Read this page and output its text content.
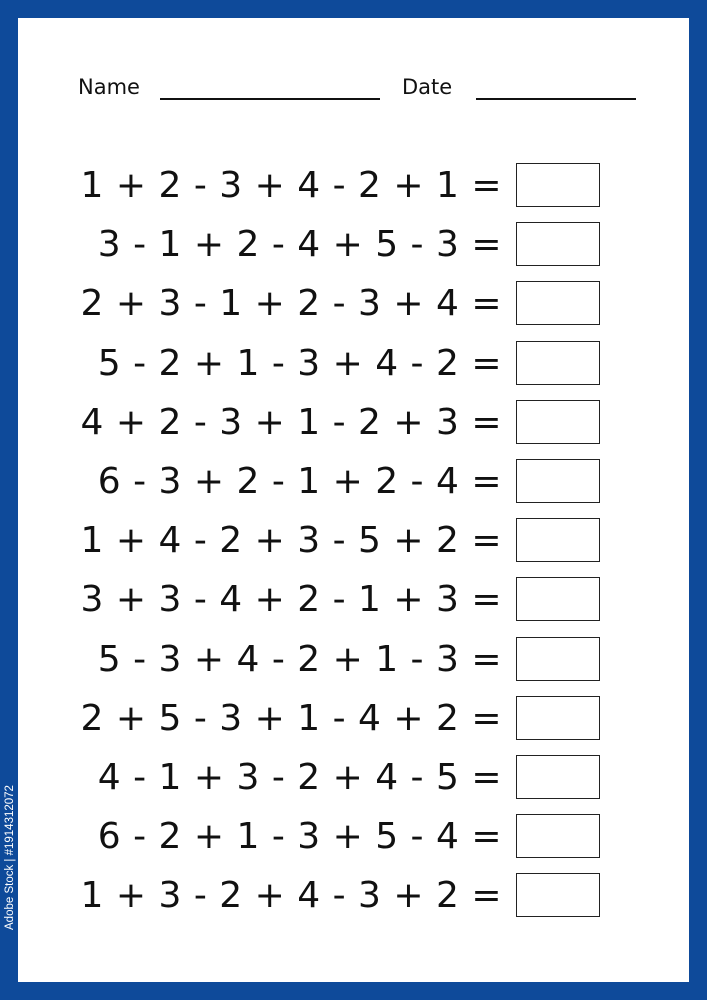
Name	Date
1 + 2 - 3 + 4 - 2 + 1 =
3 - 1 + 2 - 4 + 5 - 3 =
2 + 3 - 1 + 2 - 3 + 4 =
5 - 2 + 1 - 3 + 4 - 2 =
4 + 2 - 3 + 1 - 2 + 3 =
6 - 3 + 2 - 1 + 2 - 4 =
1 + 4 - 2 + 3 - 5 + 2 =
3 + 3 - 4 + 2 - 1 + 3 =
5 - 3 + 4 - 2 + 1 - 3 =
2 + 5 - 3 + 1 - 4 + 2 =
4 - 1 + 3 - 2 + 4 - 5 =
6 - 2 + 1 - 3 + 5 - 4 =
1 + 3 - 2 + 4 - 3 + 2 =
Adobe Stock | #1914312072
